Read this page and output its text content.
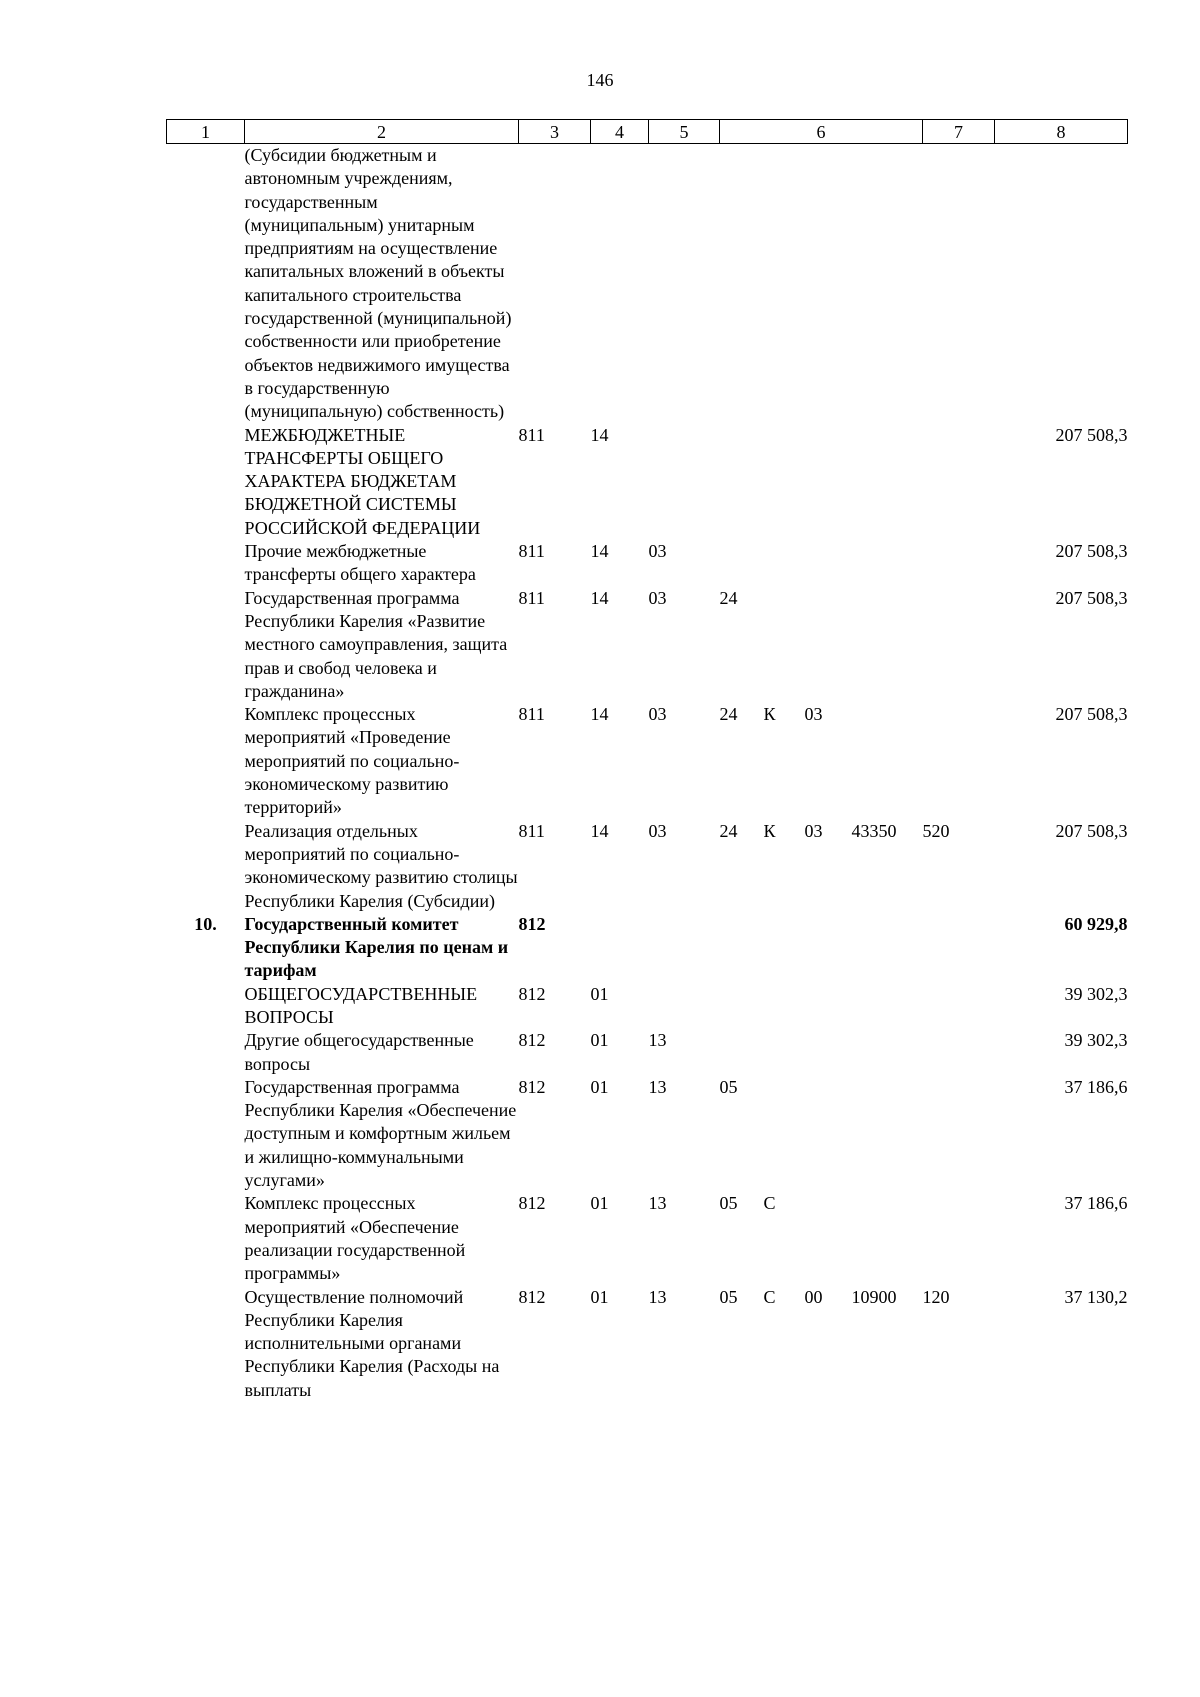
146
1	2	3	4	5	6				7	8
	(Субсидии бюджетным и автономным учреждениям, государственным (муниципальным) унитарным предприятиям на осуществление капитальных вложений в объекты капитального строительства государственной (муниципальной) собственности или приобретение объектов недвижимого имущества в государственную (муниципальную) собственность)									
	МЕЖБЮДЖЕТНЫЕ ТРАНСФЕРТЫ ОБЩЕГО ХАРАКТЕРА БЮДЖЕТАМ БЮДЖЕТНОЙ СИСТЕМЫ РОССИЙСКОЙ ФЕДЕРАЦИИ	811	14							207 508,3
	Прочие межбюджетные трансферты общего характера	811	14	03						207 508,3
	Государственная программа Республики Карелия «Развитие местного самоуправления, защита прав и свобод человека и гражданина»	811	14	03	24					207 508,3
	Комплекс процессных мероприятий «Проведение мероприятий по социально-экономическому развитию территорий»	811	14	03	24	К	03			207 508,3
	Реализация отдельных мероприятий по социально-экономическому развитию столицы Республики Карелия (Субсидии)	811	14	03	24	К	03	43350	520	207 508,3
10.	Государственный комитет Республики Карелия по ценам и тарифам	812								60 929,8
	ОБЩЕГОСУДАРСТВЕННЫЕ ВОПРОСЫ	812	01							39 302,3
	Другие общегосударственные вопросы	812	01	13						39 302,3
	Государственная программа Республики Карелия «Обеспечение доступным и комфортным жильем и жилищно-коммунальными услугами»	812	01	13	05					37 186,6
	Комплекс процессных мероприятий «Обеспечение реализации государственной программы»	812	01	13	05	С				37 186,6
	Осуществление полномочий Республики Карелия исполнительными органами Республики Карелия (Расходы на выплаты	812	01	13	05	С	00	10900	120	37 130,2
